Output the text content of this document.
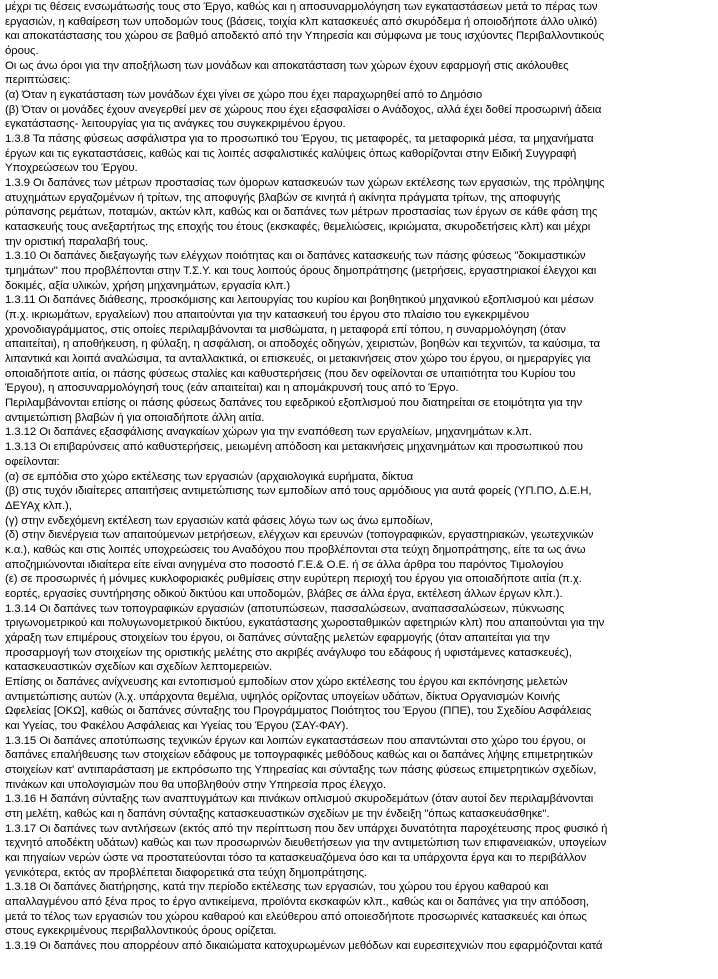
μέχρι τις θέσεις ενσωμάτωσής τους στο Έργο, καθώς και η αποσυναρμολόγηση των εγκαταστάσεων μετά το πέρας των
εργασιών, η καθαίρεση των υποδομών τους (βάσεις, τοιχία κλπ κατασκευές από σκυρόδεμα ή οποιοδήποτε άλλο υλικό)
και αποκατάστασης του χώρου σε βαθμό αποδεκτό από την Υπηρεσία και σύμφωνα με τους ισχύοντες Περιβαλλοντικούς
όρους.
Οι ως άνω όροι για την αποξήλωση των μονάδων και αποκατάσταση των χώρων έχουν εφαρμογή στις ακόλουθες
περιπτώσεις:
(α) Όταν η εγκατάσταση των μονάδων έχει γίνει σε χώρο που έχει παραχωρηθεί από το Δημόσιο
(β) Όταν οι μονάδες έχουν ανεγερθεί μεν σε χώρους που έχει εξασφαλίσει ο Ανάδοχος, αλλά έχει δοθεί προσωρινή άδεια
εγκατάστασης- λειτουργίας για τις ανάγκες του συγκεκριμένου έργου.
1.3.8 Τα πάσης φύσεως ασφάλιστρα για το προσωπικό του Έργου, τις μεταφορές, τα μεταφορικά μέσα, τα μηχανήματα
έργων και τις εγκαταστάσεις, καθώς και τις λοιπές ασφαλιστικές καλύψεις όπως καθορίζονται στην Ειδική Συγγραφή
Υποχρεώσεων του Έργου.
1.3.9 Οι δαπάνες των μέτρων προστασίας των όμορων κατασκευών των χώρων εκτέλεσης των εργασιών, της πρόληψης
ατυχημάτων εργαζομένων ή τρίτων, της αποφυγής βλαβών σε κινητά ή ακίνητα πράγματα τρίτων, της αποφυγής
ρύπανσης ρεμάτων, ποταμών, ακτών κλπ, καθώς και οι δαπάνες των μέτρων προστασίας των έργων σε κάθε φάση της
κατασκευής τους ανεξαρτήτως της εποχής του έτους (εκσκαφές, θεμελιώσεις, ικριώματα, σκυροδετήσεις κλπ) και μέχρι
την οριστική παραλαβή τους.
1.3.10 Οι δαπάνες διεξαγωγής των ελέγχων ποιότητας και οι δαπάνες κατασκευής των πάσης φύσεως "δοκιμαστικών
τμημάτων" που προβλέπονται στην Τ.Σ.Υ. και τους λοιπούς όρους δημοπράτησης (μετρήσεις, εργαστηριακοί έλεγχοι και
δοκιμές, αξία υλικών, χρήση μηχανημάτων, εργασία κλπ.)
1.3.11 Οι δαπάνες διάθεσης, προσκόμισης και λειτουργίας του κυρίου και βοηθητικού μηχανικού εξοπλισμού και μέσων
(π.χ. ικριωμάτων, εργαλείων) που απαιτούνται για την κατασκευή του έργου στο πλαίσιο του εγκεκριμένου
χρονοδιαγράμματος, στις οποίες περιλαμβάνονται τα μισθώματα, η μεταφορά επί τόπου, η συναρμολόγηση (όταν
απαιτείται), η αποθήκευση, η φύλαξη, η ασφάλιση, οι αποδοχές οδηγών, χειριστών, βοηθών και τεχνιτών, τα καύσιμα, τα
λιπαντικά και λοιπά αναλώσιμα, τα ανταλλακτικά, οι επισκευές, οι μετακινήσεις στον χώρο του έργου, οι ημεραργίες για
οποιαδήποτε αιτία, οι πάσης φύσεως σταλίες και καθυστερήσεις (που δεν οφείλονται σε υπαιτιότητα του Κυρίου του
Έργου), η αποσυναρμολόγησή τους (εάν απαιτείται) και η απομάκρυνσή τους από το Έργο.
Περιλαμβάνονται επίσης οι πάσης φύσεως δαπάνες του εφεδρικού εξοπλισμού που διατηρείται σε ετοιμότητα για την
αντιμετώπιση βλαβών ή για οποιαδήποτε άλλη αιτία.
1.3.12 Οι δαπάνες εξασφάλισης αναγκαίων χώρων για την εναπόθεση των εργαλείων, μηχανημάτων κ.λπ.
1.3.13 Οι επιβαρύνσεις από καθυστερήσεις, μειωμένη απόδοση και μετακινήσεις μηχανημάτων και προσωπικού που
οφείλονται:
(α) σε εμπόδια στο χώρο εκτέλεσης των εργασιών (αρχαιολογικά ευρήματα, δίκτυα
(β) στις τυχόν ιδιαίτερες απαιτήσεις αντιμετώπισης των εμποδίων από τους αρμόδιους για αυτά φορείς (ΥΠ.ΠΟ, Δ.Ε.Η,
ΔΕΥΑχ κλπ.),
(γ) στην ενδεχόμενη εκτέλεση των εργασιών κατά φάσεις λόγω των ως άνω εμποδίων,
(δ) στην διενέργεια των απαιτούμενων μετρήσεων, ελέγχων και ερευνών (τοπογραφικών, εργαστηριακών, γεωτεχνικών
κ.α.), καθώς και στις λοιπές υποχρεώσεις του Αναδόχου που προβλέπονται στα τεύχη δημοπράτησης, είτε τα ως άνω
αποζημιώνονται ιδιαίτερα είτε είναι ανηγμένα στο ποσοστό Γ.Ε.& Ο.Ε. ή σε άλλα άρθρα του παρόντος Τιμολογίου
(ε) σε προσωρινές ή μόνιμες κυκλοφοριακές ρυθμίσεις στην ευρύτερη περιοχή του έργου για οποιαδήποτε αιτία (π.χ.
εορτές, εργασίες συντήρησης οδικού δικτύου και υποδομών, βλάβες σε άλλα έργα, εκτέλεση άλλων έργων κλπ.).
1.3.14 Οι δαπάνες των τοπογραφικών εργασιών (αποτυπώσεων, πασσαλώσεων, αναπασσαλώσεων, πύκνωσης
τριγωνομετρικού και πολυγωνομετρικού δικτύου, εγκατάστασης χωροσταθμικών αφετηριών κλπ) που απαιτούνται για την
χάραξη των επιμέρους στοιχείων του έργου, οι δαπάνες σύνταξης μελετών εφαρμογής (όταν απαιτείται για την
προσαρμογή των στοιχείων της οριστικής μελέτης στο ακριβές ανάγλυφο του εδάφους ή υφιστάμενες κατασκευές),
κατασκευαστικών σχεδίων και σχεδίων λεπτομερειών.
Επίσης οι δαπάνες ανίχνευσης και εντοπισμού εμποδίων στον χώρο εκτέλεσης του έργου και εκπόνησης μελετών
αντιμετώπισης αυτών (λ.χ. υπάρχοντα θεμέλια, υψηλός ορίζοντας υπογείων υδάτων, δίκτυα Οργανισμών Κοινής
Ωφελείας [ΟΚΩ], καθώς οι δαπάνες σύνταξης του Προγράμματος Ποιότητος του Έργου (ΠΠΕ), του Σχεδίου Ασφάλειας
και Υγείας, του Φακέλου Ασφάλειας και Υγείας του Έργου (ΣΑΥ-ΦΑΥ).
1.3.15 Οι δαπάνες αποτύπωσης τεχνικών έργων και λοιπών εγκαταστάσεων που απαντώνται στο χώρο του έργου, οι
δαπάνες επαλήθευσης των στοιχείων εδάφους με τοπογραφικές μεθόδους καθώς και οι δαπάνες λήψης επιμετρητικών
στοιχείων κατ' αντιπαράσταση με εκπρόσωπο της Υπηρεσίας και σύνταξης των πάσης φύσεως επιμετρητικών σχεδίων,
πινάκων και υπολογισμών που θα υποβληθούν στην Υπηρεσία προς έλεγχο.
1.3.16 Η δαπάνη σύνταξης των αναπτυγμάτων και πινάκων οπλισμού σκυροδεμάτων (όταν αυτοί δεν περιλαμβάνονται
στη μελέτη, καθώς και η δαπάνη σύνταξης κατασκευαστικών σχεδίων με την ένδειξη "όπως κατασκευάσθηκε".
1.3.17 Οι δαπάνες των αντλήσεων (εκτός από την περίπτωση που δεν υπάρχει δυνατότητα παροχέτευσης προς φυσικό ή
τεχνητό αποδέκτη υδάτων) καθώς και των προσωρινών διευθετήσεων για την αντιμετώπιση των επιφανειακών, υπογείων
και πηγαίων νερών ώστε να προστατεύονται τόσο τα κατασκευαζόμενα όσο και τα υπάρχοντα έργα και το περιβάλλον
γενικότερα, εκτός αν προβλέπεται διαφορετικά στα τεύχη δημοπράτησης.
1.3.18 Οι δαπάνες διατήρησης, κατά την περίοδο εκτέλεσης των εργασιών, του χώρου του έργου καθαρού και
απαλλαγμένου από ξένα προς το έργο αντικείμενα, προϊόντα εκσκαφών κλπ., καθώς και οι δαπάνες για την απόδοση,
μετά το τέλος των εργασιών του χώρου καθαρού και ελεύθερου από οποιεσδήποτε προσωρινές κατασκευές και όπως
στους εγκεκριμένους περιβαλλοντικούς όρους ορίζεται.
1.3.19 Οι δαπάνες που απορρέουν από δικαιώματα κατοχυρωμένων μεθόδων και ευρεσιτεχνιών που εφαρμόζονται κατά
